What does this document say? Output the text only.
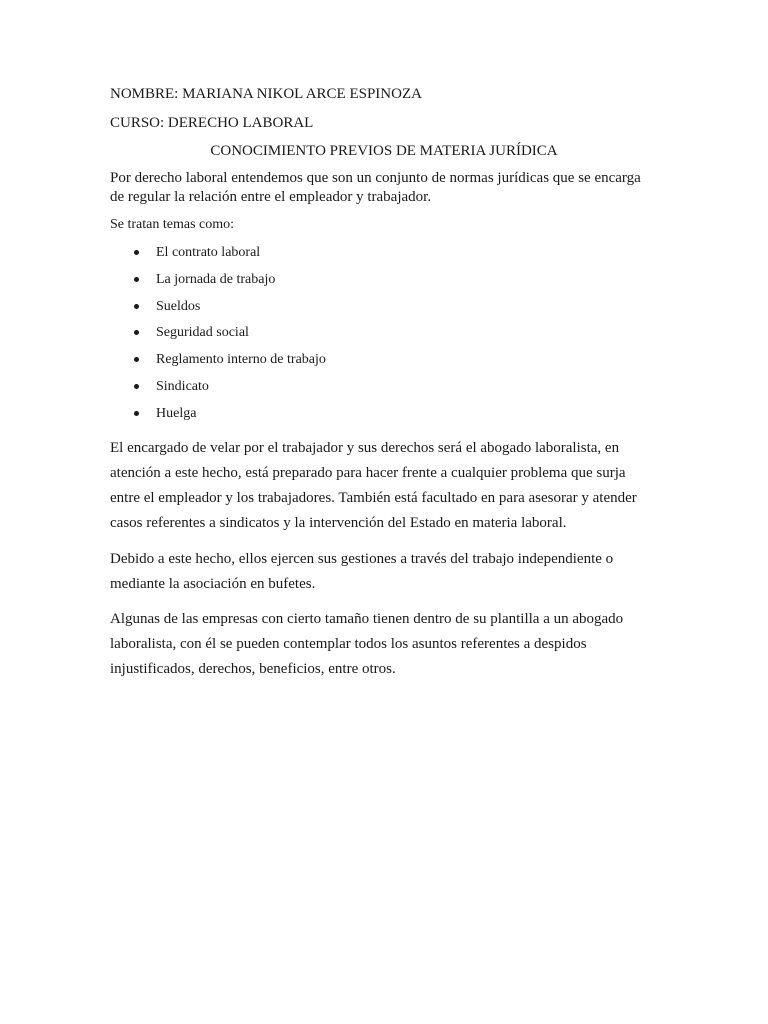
NOMBRE: MARIANA NIKOL ARCE ESPINOZA
CURSO: DERECHO LABORAL
CONOCIMIENTO PREVIOS DE MATERIA JURÍDICA
Por derecho laboral entendemos que son un conjunto de normas jurídicas que se encarga
de regular la relación entre el empleador y trabajador.
Se tratan temas como:
El contrato laboral
La jornada de trabajo
Sueldos
Seguridad social
Reglamento interno de trabajo
Sindicato
Huelga
El encargado de velar por el trabajador y sus derechos será el abogado laboralista, en
atención a este hecho, está preparado para hacer frente a cualquier problema que surja
entre el empleador y los trabajadores. También está facultado en para asesorar y atender
casos referentes a sindicatos y la intervención del Estado en materia laboral.
Debido a este hecho, ellos ejercen sus gestiones a través del trabajo independiente o
mediante la asociación en bufetes.
Algunas de las empresas con cierto tamaño tienen dentro de su plantilla a un abogado
laboralista, con él se pueden contemplar todos los asuntos referentes a despidos
injustificados, derechos, beneficios, entre otros.
